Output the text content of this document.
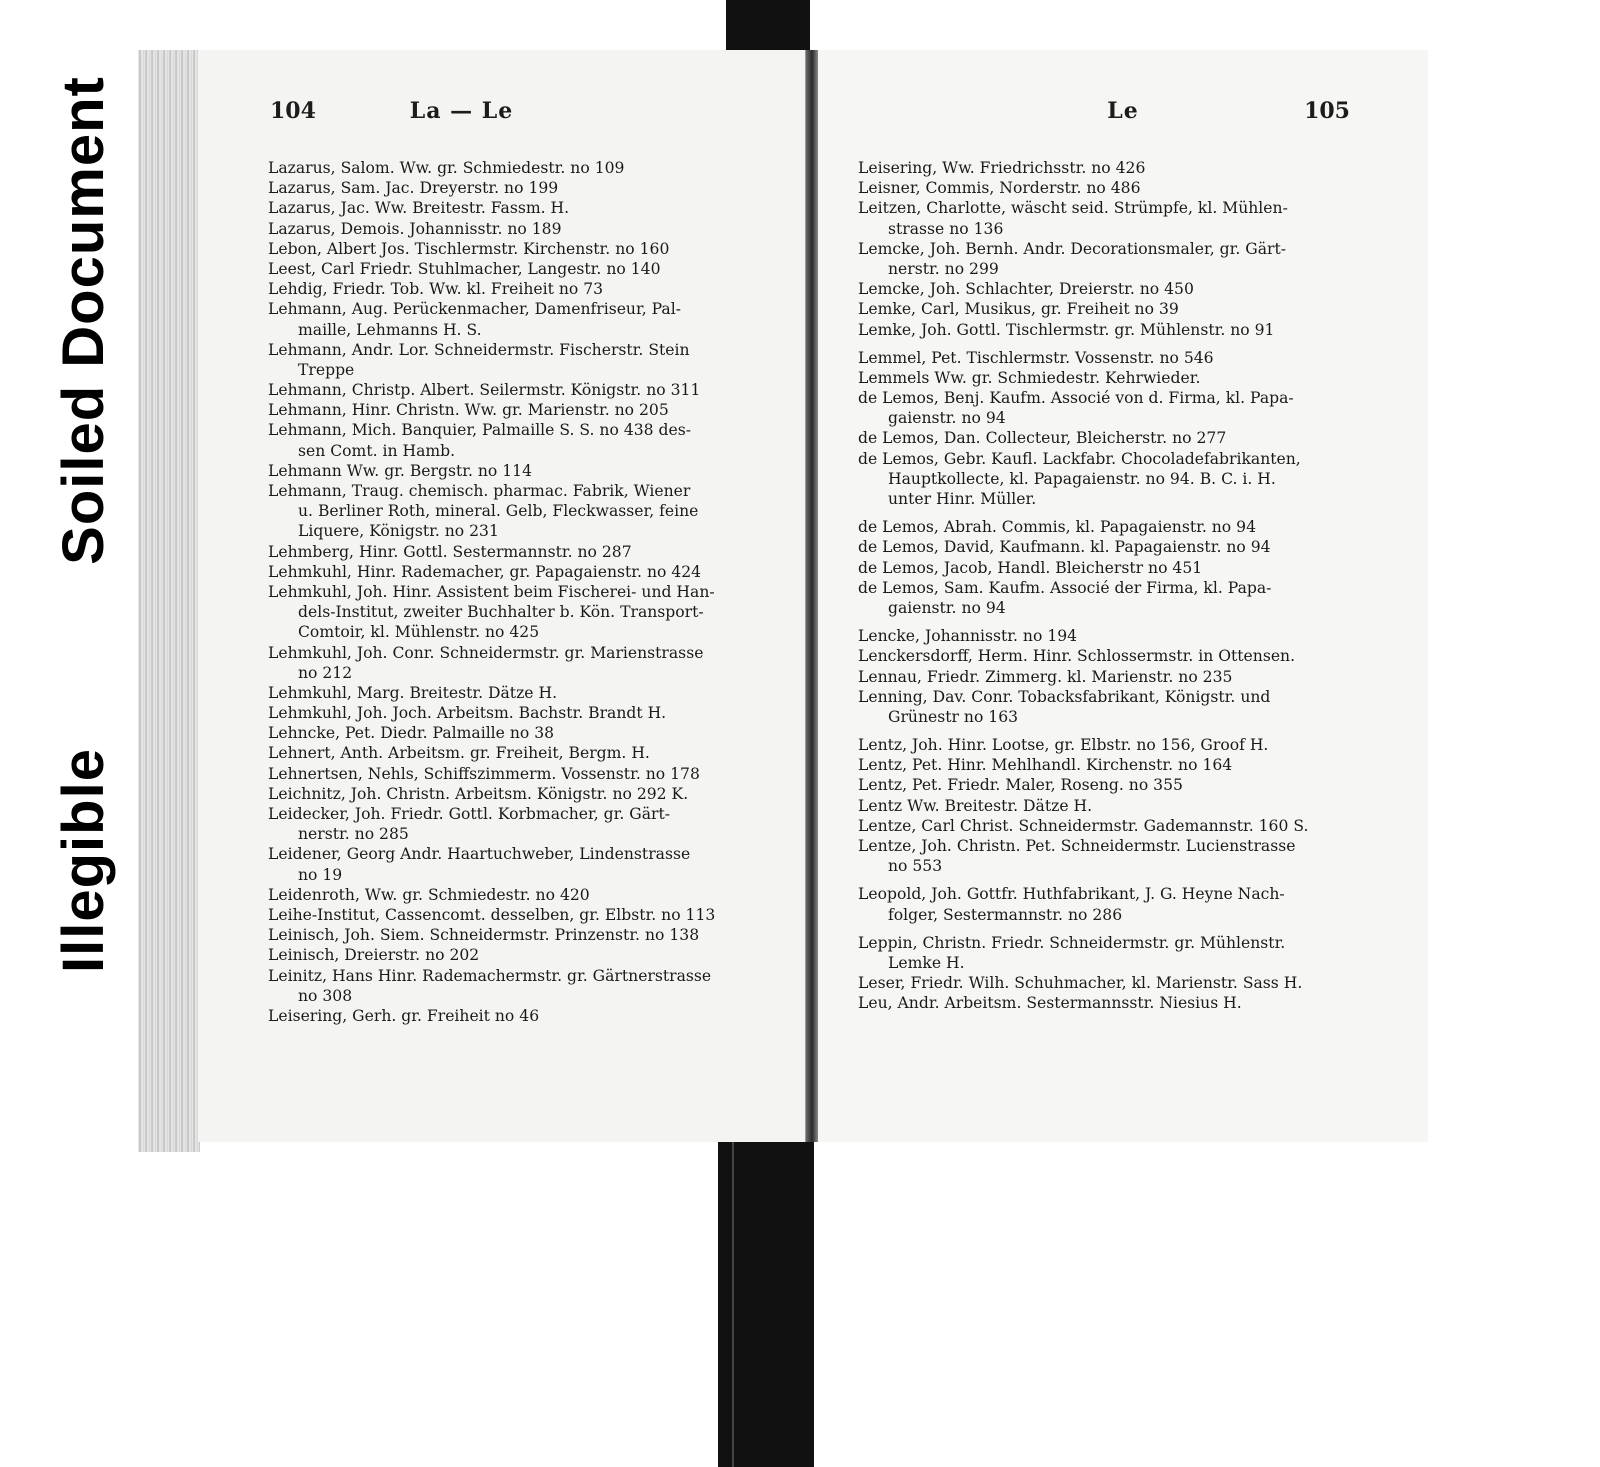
Soiled Document
Illegible
104	La — Le
Lazarus, Salom. Ww. gr. Schmiedestr. no 109
Lazarus, Sam. Jac. Dreyerstr. no 199
Lazarus, Jac. Ww. Breitestr. Fassm. H.
Lazarus, Demois. Johannisstr. no 189
Lebon, Albert Jos. Tischlermstr. Kirchenstr. no 160
Leest, Carl Friedr. Stuhlmacher, Langestr. no 140
Lehdig, Friedr. Tob. Ww. kl. Freiheit no 73
Lehmann, Aug. Perückenmacher, Damenfriseur, Pal-
maille, Lehmanns H. S.
Lehmann, Andr. Lor. Schneidermstr. Fischerstr. Stein
Treppe
Lehmann, Christp. Albert. Seilermstr. Königstr. no 311
Lehmann, Hinr. Christn. Ww. gr. Marienstr. no 205
Lehmann, Mich. Banquier, Palmaille S. S. no 438 des-
sen Comt. in Hamb.
Lehmann Ww. gr. Bergstr. no 114
Lehmann, Traug. chemisch. pharmac. Fabrik, Wiener
u. Berliner Roth, mineral. Gelb, Fleckwasser, feine
Liquere, Königstr. no 231
Lehmberg, Hinr. Gottl. Sestermannstr. no 287
Lehmkuhl, Hinr. Rademacher, gr. Papagaienstr. no 424
Lehmkuhl, Joh. Hinr. Assistent beim Fischerei- und Han-
dels-Institut, zweiter Buchhalter b. Kön. Transport-
Comtoir, kl. Mühlenstr. no 425
Lehmkuhl, Joh. Conr. Schneidermstr. gr. Marienstrasse
no 212
Lehmkuhl, Marg. Breitestr. Dätze H.
Lehmkuhl, Joh. Joch. Arbeitsm. Bachstr. Brandt H.
Lehncke, Pet. Diedr. Palmaille no 38
Lehnert, Anth. Arbeitsm. gr. Freiheit, Bergm. H.
Lehnertsen, Nehls, Schiffszimmerm. Vossenstr. no 178
Leichnitz, Joh. Christn. Arbeitsm. Königstr. no 292 K.
Leidecker, Joh. Friedr. Gottl. Korbmacher, gr. Gärt-
nerstr. no 285
Leidener, Georg Andr. Haartuchweber, Lindenstrasse
no 19
Leidenroth, Ww. gr. Schmiedestr. no 420
Leihe-Institut, Cassencomt. desselben, gr. Elbstr. no 113
Leinisch, Joh. Siem. Schneidermstr. Prinzenstr. no 138
Leinisch, Dreierstr. no 202
Leinitz, Hans Hinr. Rademachermstr. gr. Gärtnerstrasse
no 308
Leisering, Gerh. gr. Freiheit no 46
Le	105
Leisering, Ww. Friedrichsstr. no 426
Leisner, Commis, Norderstr. no 486
Leitzen, Charlotte, wäscht seid. Strümpfe, kl. Mühlen-
strasse no 136
Lemcke, Joh. Bernh. Andr. Decorationsmaler, gr. Gärt-
nerstr. no 299
Lemcke, Joh. Schlachter, Dreierstr. no 450
Lemke, Carl, Musikus, gr. Freiheit no 39
Lemke, Joh. Gottl. Tischlermstr. gr. Mühlenstr. no 91
Lemmel, Pet. Tischlermstr. Vossenstr. no 546
Lemmels Ww. gr. Schmiedestr. Kehrwieder.
de Lemos, Benj. Kaufm. Associé von d. Firma, kl. Papa-
gaienstr. no 94
de Lemos, Dan. Collecteur, Bleicherstr. no 277
de Lemos, Gebr. Kaufl. Lackfabr. Chocoladefabrikanten,
Hauptkollecte, kl. Papagaienstr. no 94. B. C. i. H.
unter Hinr. Müller.
de Lemos, Abrah. Commis, kl. Papagaienstr. no 94
de Lemos, David, Kaufmann. kl. Papagaienstr. no 94
de Lemos, Jacob, Handl. Bleicherstr no 451
de Lemos, Sam. Kaufm. Associé der Firma, kl. Papa-
gaienstr. no 94
Lencke, Johannisstr. no 194
Lenckersdorff, Herm. Hinr. Schlossermstr. in Ottensen.
Lennau, Friedr. Zimmerg. kl. Marienstr. no 235
Lenning, Dav. Conr. Tobacksfabrikant, Königstr. und
Grünestr no 163
Lentz, Joh. Hinr. Lootse, gr. Elbstr. no 156, Groof H.
Lentz, Pet. Hinr. Mehlhandl. Kirchenstr. no 164
Lentz, Pet. Friedr. Maler, Roseng. no 355
Lentz Ww. Breitestr. Dätze H.
Lentze, Carl Christ. Schneidermstr. Gademannstr. 160 S.
Lentze, Joh. Christn. Pet. Schneidermstr. Lucienstrasse
no 553
Leopold, Joh. Gottfr. Huthfabrikant, J. G. Heyne Nach-
folger, Sestermannstr. no 286
Leppin, Christn. Friedr. Schneidermstr. gr. Mühlenstr.
Lemke H.
Leser, Friedr. Wilh. Schuhmacher, kl. Marienstr. Sass H.
Leu, Andr. Arbeitsm. Sestermannsstr. Niesius H.
